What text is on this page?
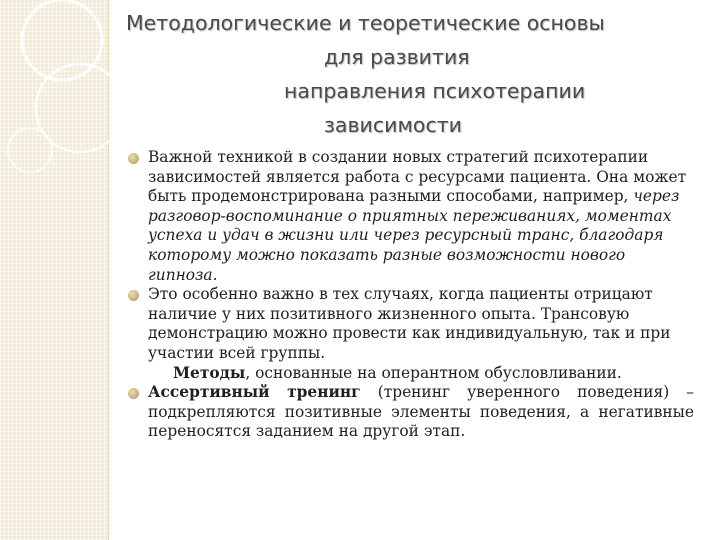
Методологические и теоретические основы
для развития
направления психотерапии
зависимости
Важной техникой в создании новых стратегий психотерапии зависимостей является работа с ресурсами пациента. Она может быть продемонстрирована разными способами, например, через разговор-воспоминание о приятных переживаниях, моментах успеха и удач в жизни или через ресурсный транс, благодаря которому можно показать разные возможности нового гипноза.
Это особенно важно в тех случаях, когда пациенты отрицают наличие у них позитивного жизненного опыта. Трансовую демонстрацию можно провести как индивидуальную, так и при участии всей группы.
Методы, основанные на оперантном обусловливании.
Ассертивный тренинг (тренинг уверенного поведения) – подкрепляются позитивные элементы поведения, а негативные переносятся заданием на другой этап.
